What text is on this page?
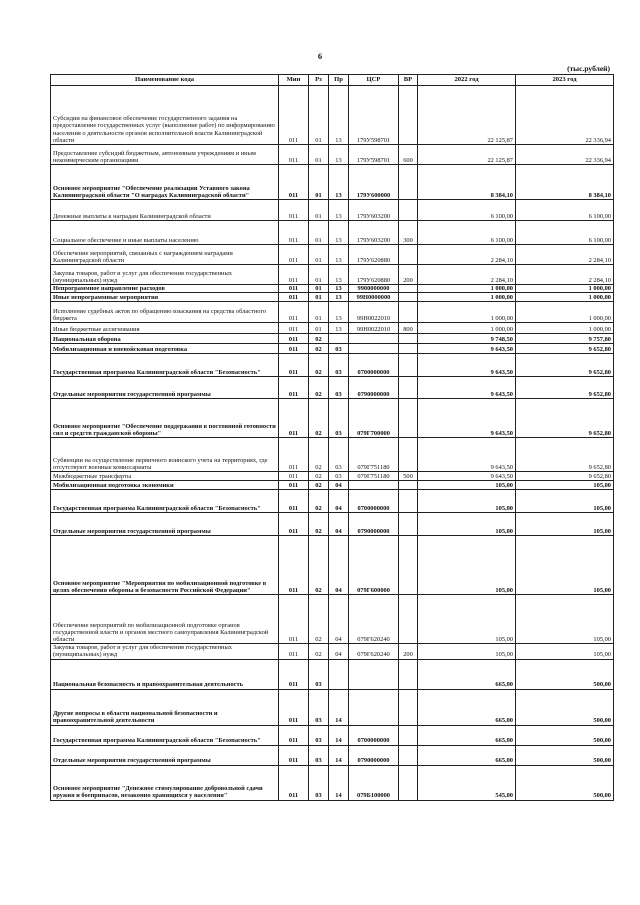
6
(тыс.рублей)
Наименование кода	Мин	Рз	Пр	ЦСР	ВР	2022 год	2023 год
Субсидии на финансовое обеспечение государственного задания на предоставление государственных услуг (выполнение работ) по информированию населения о деятельности органов исполнительной власти Калининградской области	011	01	13	179У598701		22 125,87	22 336,94
Предоставление субсидий бюджетным, автономным учреждениям и иным некоммерческим организациям	011	01	13	179У598701	600	22 125,87	22 336,94
Основное мероприятие "Обеспечение реализации Уставного закона Калининградской области "О наградах Калининградской области"	011	01	13	179У600000		8 384,10	8 384,10
Денежные выплаты к наградам Калининградской области	011	01	13	179У603200		6 100,00	6 100,00
Социальное обеспечение и иные выплаты населению	011	01	13	179У603200	300	6 100,00	6 100,00
Обеспечение мероприятий, связанных с награждением наградами Калининградской области	011	01	13	179У620880		2 284,10	2 284,10
Закупка товаров, работ и услуг для обеспечения государственных (муниципальных) нужд	011	01	13	179У620880	200	2 284,10	2 284,10
Непрограммное направление расходов	011	01	13	9900000000		1 000,00	1 000,00
Иные непрограммные мероприятия	011	01	13	99Н0000000		1 000,00	1 000,00
Исполнение судебных актов по обращению взыскания на средства областного бюджета	011	01	13	99Н0022010		1 000,00	1 000,00
Иные бюджетные ассигнования	011	01	13	99Н0022010	800	1 000,00	1 000,00
Национальная оборона	011	02				9 748,50	9 757,80
Мобилизационная и вневойсковая подготовка	011	02	03			9 643,50	9 652,80
Государственная программа Калининградской области "Безопасность"	011	02	03	0700000000		9 643,50	9 652,80
Отдельные мероприятия государственной программы	011	02	03	0790000000		9 643,50	9 652,80
Основное мероприятие "Обеспечение поддержания в постоянной готовности сил и средств гражданской обороны"	011	02	03	079Г700000		9 643,50	9 652,80
Субвенции на осуществление первичного воинского учета на территориях, где отсутствуют военные комиссариаты	011	02	03	079Г751180		9 643,50	9 652,80
Межбюджетные трансферты	011	02	03	079Г751180	500	9 643,50	9 652,80
Мобилизационная подготовка экономики	011	02	04			105,00	105,00
Государственная программа Калининградской области "Безопасность"	011	02	04	0700000000		105,00	105,00
Отдельные мероприятия государственной программы	011	02	04	0790000000		105,00	105,00
Основное мероприятие "Мероприятия по мобилизационной подготовке в целях обеспечения обороны и безопасности Российской Федерации"	011	02	04	079Г600000		105,00	105,00
Обеспечение мероприятий по мобилизационной подготовке органов государственной власти и органов местного самоуправления Калининградской области	011	02	04	079Г620240		105,00	105,00
Закупка товаров, работ и услуг для обеспечения государственных (муниципальных) нужд	011	02	04	079Г620240	200	105,00	105,00
Национальная безопасность и правоохранительная деятельность	011	03				665,00	500,00
Другие вопросы в области национальной безопасности и правоохранительной деятельности	011	03	14			665,00	500,00
Государственная программа Калининградской области "Безопасность"	011	03	14	0700000000		665,00	500,00
Отдельные мероприятия государственной программы	011	03	14	0790000000		665,00	500,00
Основное мероприятие "Денежное стимулирование добровольной сдачи оружия и боеприпасов, незаконно хранящихся у населения"	011	03	14	079Б100000		545,00	500,00
